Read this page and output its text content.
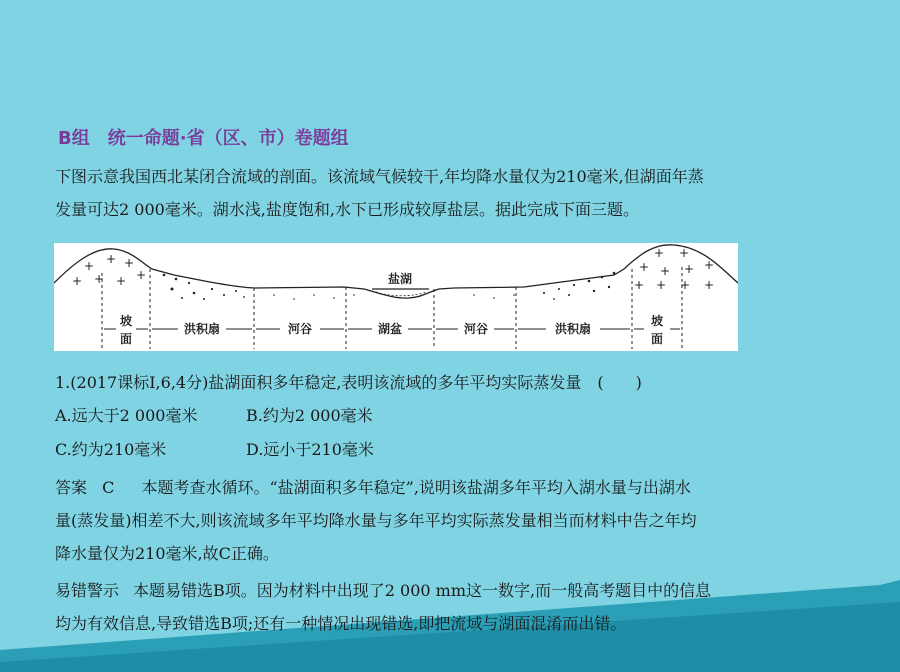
B组 统一命题·省（区、市）卷题组
下图示意我国西北某闭合流域的剖面。该流域气候较干,年均降水量仅为210毫米,但湖面年蒸
发量可达2 000毫米。湖水浅,盐度饱和,水下已形成较厚盐层。据此完成下面三题。
+ + +
+ + + +
+ +
+ + + +
+ + + +
盐湖
坡
面
洪积扇	河谷	湖盆	河谷	洪积扇
坡
面
1.(2017课标Ⅰ,6,4分)盐湖面积多年稳定,表明该流域的多年平均实际蒸发量　(　　)
A.远大于2 000毫米	B.约为2 000毫米
C.约为210毫米	D.远小于210毫米
答案 C 本题考查水循环。“盐湖面积多年稳定”,说明该盐湖多年平均入湖水量与出湖水
量(蒸发量)相差不大,则该流域多年平均降水量与多年平均实际蒸发量相当而材料中告之年均
降水量仅为210毫米,故C正确。
易错警示 本题易错选B项。因为材料中出现了2 000 mm这一数字,而一般高考题目中的信息
均为有效信息,导致错选B项;还有一种情况出现错选,即把流域与湖面混淆而出错。
